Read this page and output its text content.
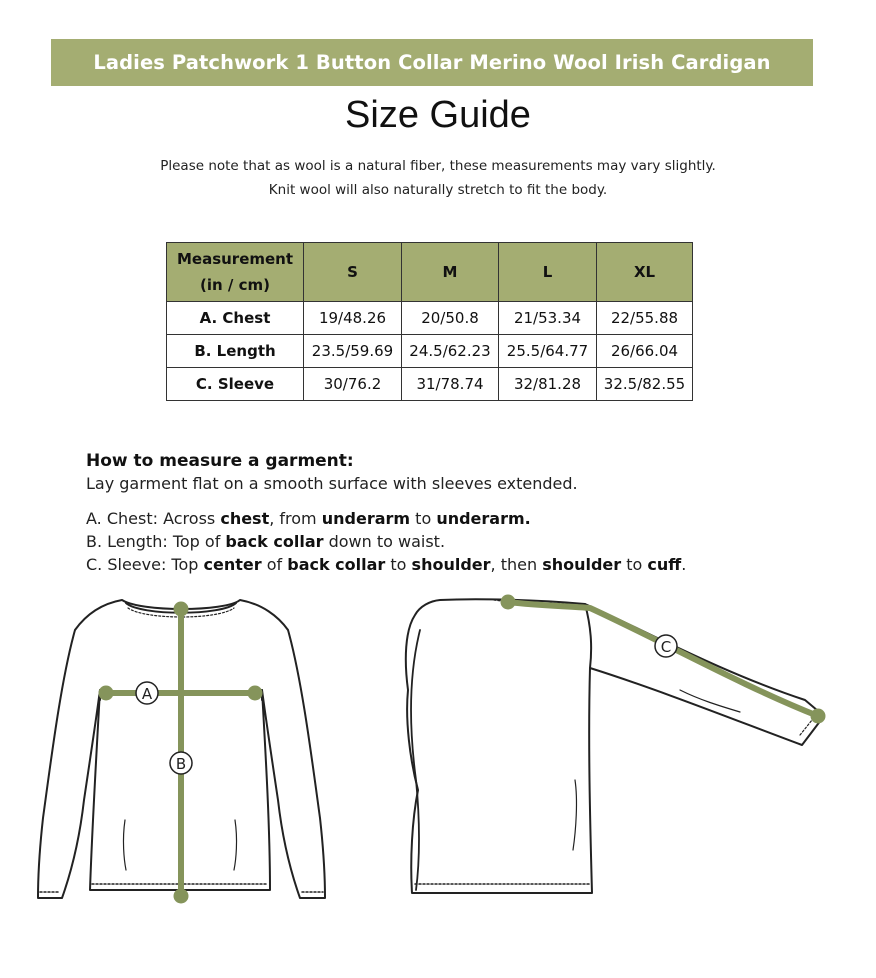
Ladies Patchwork 1 Button Collar Merino Wool Irish Cardigan
Size Guide
Please note that as wool is a natural fiber, these measurements may vary slightly.
Knit wool will also naturally stretch to fit the body.
Measurement
(in / cm)	S	M	L	XL
A. Chest	19/48.26	20/50.8	21/53.34	22/55.88
B. Length	23.5/59.69	24.5/62.23	25.5/64.77	26/66.04
C. Sleeve	30/76.2	31/78.74	32/81.28	32.5/82.55
How to measure a garment:
Lay garment flat on a smooth surface with sleeves extended.
A. Chest: Across chest, from underarm to underarm.
B. Length: Top of back collar down to waist.
C. Sleeve: Top center of back collar to shoulder, then shoulder to cuff.
A
B
C
